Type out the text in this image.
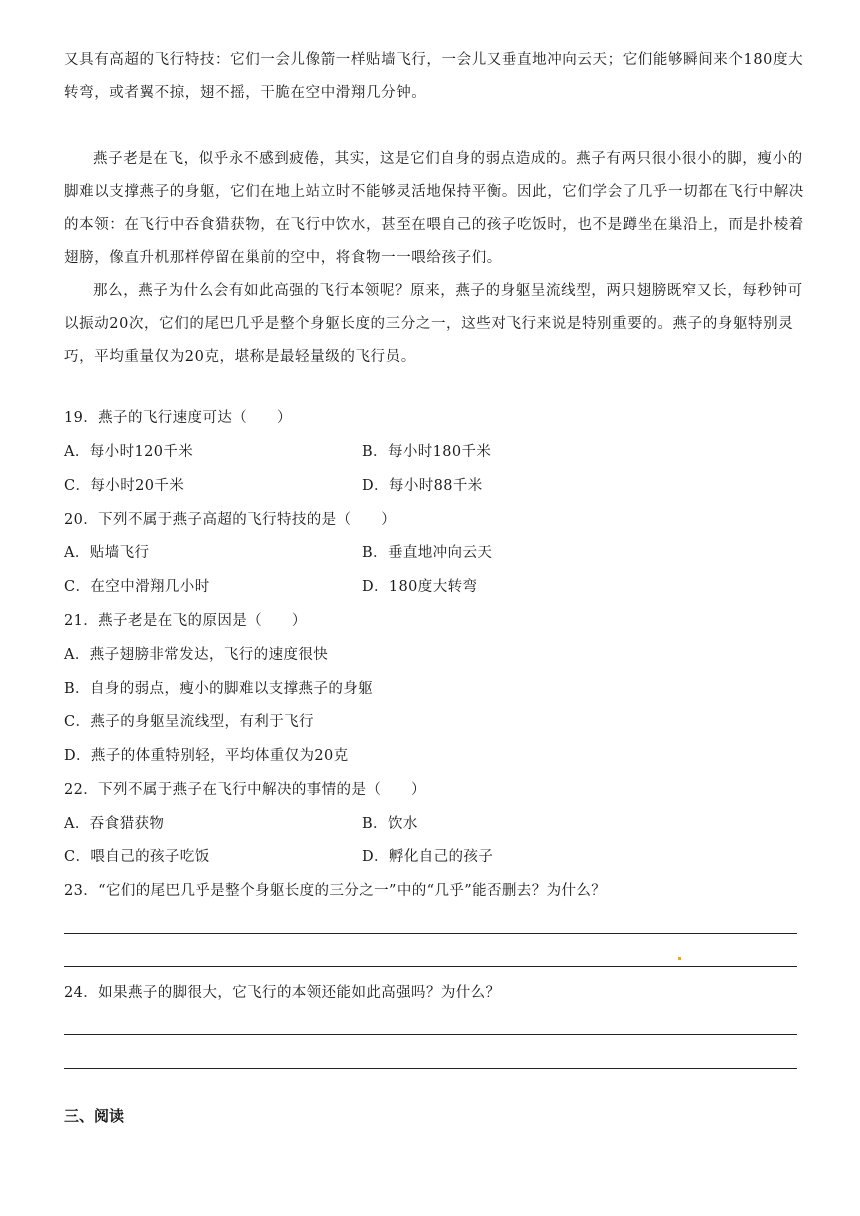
又具有高超的飞行特技：它们一会儿像箭一样贴墙飞行，一会儿又垂直地冲向云天；它们能够瞬间来个180度大转弯，或者翼不掠，翅不摇，干脆在空中滑翔几分钟。

燕子老是在飞，似乎永不感到疲倦，其实，这是它们自身的弱点造成的。燕子有两只很小很小的脚，瘦小的脚难以支撑燕子的身躯，它们在地上站立时不能够灵活地保持平衡。因此，它们学会了几乎一切都在飞行中解决的本领：在飞行中吞食猎获物，在飞行中饮水，甚至在喂自己的孩子吃饭时，也不是蹲坐在巢沿上，而是扑棱着翅膀，像直升机那样停留在巢前的空中，将食物一一喂给孩子们。

那么，燕子为什么会有如此高强的飞行本领呢？原来，燕子的身躯呈流线型，两只翅膀既窄又长，每秒钟可以振动20次，它们的尾巴几乎是整个身躯长度的三分之一，这些对飞行来说是特别重要的。燕子的身躯特别灵巧，平均重量仅为20克，堪称是最轻量级的飞行员。

19．燕子的飞行速度可达（　　）
A．每小时120千米	B．每小时180千米
C．每小时20千米	D．每小时88千米
20．下列不属于燕子高超的飞行特技的是（　　）
A．贴墙飞行	B．垂直地冲向云天
C．在空中滑翔几小时	D．180度大转弯
21．燕子老是在飞的原因是（　　）
A．燕子翅膀非常发达，飞行的速度很快
B．自身的弱点，瘦小的脚难以支撑燕子的身躯
C．燕子的身躯呈流线型，有利于飞行
D．燕子的体重特别轻，平均体重仅为20克
22．下列不属于燕子在飞行中解决的事情的是（　　）
A．吞食猎获物	B．饮水
C．喂自己的孩子吃饭	D．孵化自己的孩子
23．“它们的尾巴几乎是整个身躯长度的三分之一”中的“几乎”能否删去？为什么？
24．如果燕子的脚很大，它飞行的本领还能如此高强吗？为什么？
三、阅读
